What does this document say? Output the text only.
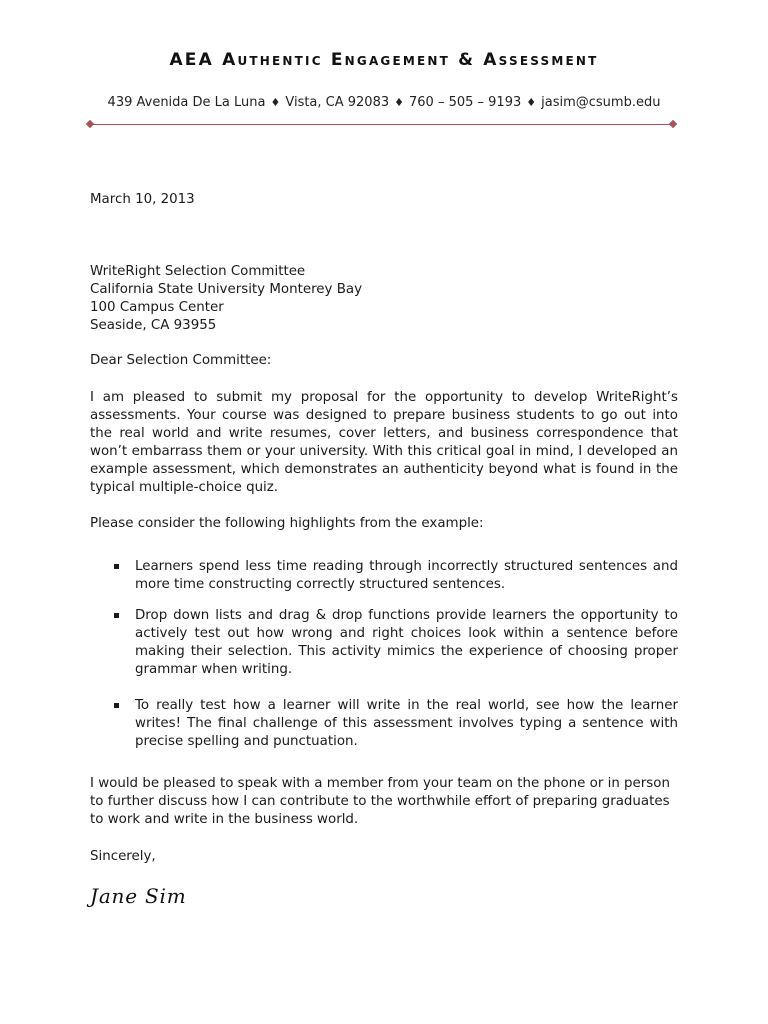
AEA Authentic Engagement & Assessment
439 Avenida De La Luna ♦ Vista, CA 92083 ♦ 760 – 505 – 9193 ♦ jasim@csumb.edu
March 10, 2013
WriteRight Selection Committee
California State University Monterey Bay
100 Campus Center
Seaside, CA 93955
Dear Selection Committee:
I am pleased to submit my proposal for the opportunity to develop WriteRight’s assessments. Your course was designed to prepare business students to go out into the real world and write resumes, cover letters, and business correspondence that won’t embarrass them or your university. With this critical goal in mind, I developed an example assessment, which demonstrates an authenticity beyond what is found in the typical multiple-choice quiz.
Please consider the following highlights from the example:
Learners spend less time reading through incorrectly structured sentences and more time constructing correctly structured sentences.
Drop down lists and drag & drop functions provide learners the opportunity to actively test out how wrong and right choices look within a sentence before making their selection. This activity mimics the experience of choosing proper grammar when writing.
To really test how a learner will write in the real world, see how the learner writes! The final challenge of this assessment involves typing a sentence with precise spelling and punctuation.
I would be pleased to speak with a member from your team on the phone or in person to further discuss how I can contribute to the worthwhile effort of preparing graduates to work and write in the business world.
Sincerely,
Jane Sim
